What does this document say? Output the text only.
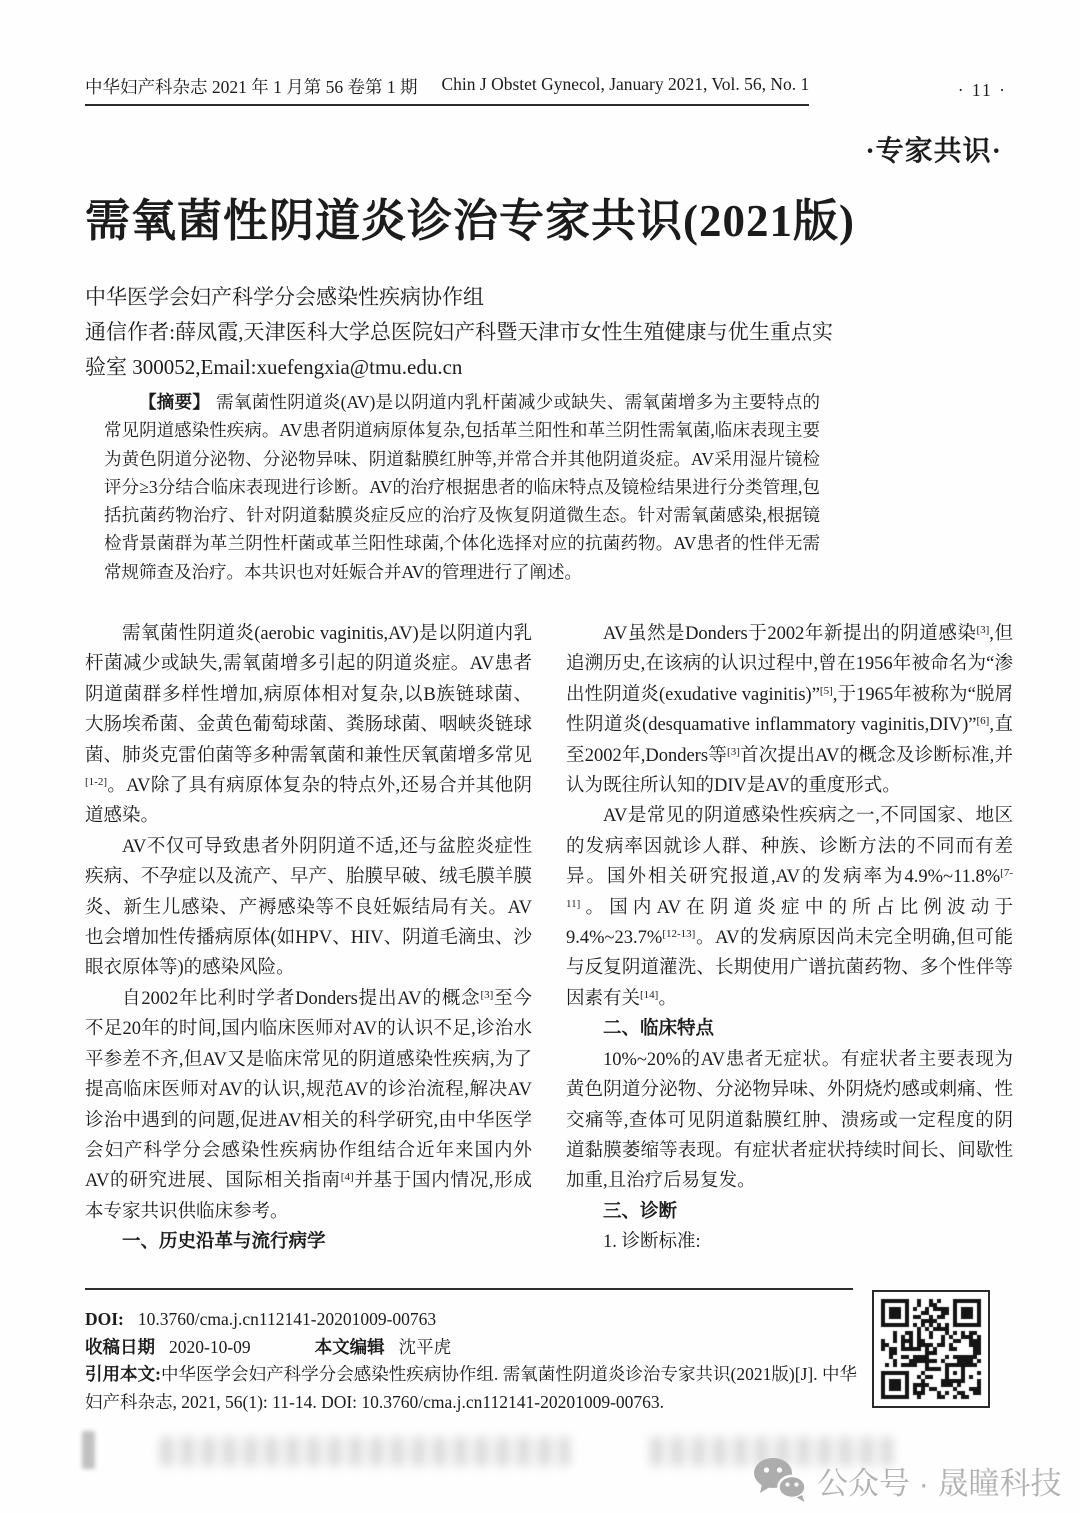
中华妇产科杂志 2021 年 1 月第 56 卷第 1 期 Chin J Obstet Gynecol, January 2021, Vol. 56, No. 1	· 11 ·
·专家共识·
需氧菌性阴道炎诊治专家共识(2021版)
中华医学会妇产科学分会感染性疾病协作组
通信作者:薛凤霞,天津医科大学总医院妇产科暨天津市女性生殖健康与优生重点实验室 300052,Email:xuefengxia@tmu.edu.cn

【摘要】 需氧菌性阴道炎(AV)是以阴道内乳杆菌减少或缺失、需氧菌增多为主要特点的常见阴道感染性疾病。AV患者阴道病原体复杂,包括革兰阳性和革兰阴性需氧菌,临床表现主要为黄色阴道分泌物、分泌物异味、阴道黏膜红肿等,并常合并其他阴道炎症。AV采用湿片镜检评分≥3分结合临床表现进行诊断。AV的治疗根据患者的临床特点及镜检结果进行分类管理,包括抗菌药物治疗、针对阴道黏膜炎症反应的治疗及恢复阴道微生态。针对需氧菌感染,根据镜检背景菌群为革兰阴性杆菌或革兰阳性球菌,个体化选择对应的抗菌药物。AV患者的性伴无需常规筛查及治疗。本共识也对妊娠合并AV的管理进行了阐述。

需氧菌性阴道炎(aerobic vaginitis,AV)是以阴道内乳杆菌减少或缺失,需氧菌增多引起的阴道炎症。AV患者阴道菌群多样性增加,病原体相对复杂,以B族链球菌、大肠埃希菌、金黄色葡萄球菌、粪肠球菌、咽峡炎链球菌、肺炎克雷伯菌等多种需氧菌和兼性厌氧菌增多常见[1-2]。AV除了具有病原体复杂的特点外,还易合并其他阴道感染。

AV不仅可导致患者外阴阴道不适,还与盆腔炎症性疾病、不孕症以及流产、早产、胎膜早破、绒毛膜羊膜炎、新生儿感染、产褥感染等不良妊娠结局有关。AV也会增加性传播病原体(如HPV、HIV、阴道毛滴虫、沙眼衣原体等)的感染风险。

自2002年比利时学者Donders提出AV的概念[3]至今不足20年的时间,国内临床医师对AV的认识不足,诊治水平参差不齐,但AV又是临床常见的阴道感染性疾病,为了提高临床医师对AV的认识,规范AV的诊治流程,解决AV诊治中遇到的问题,促进AV相关的科学研究,由中华医学会妇产科学分会感染性疾病协作组结合近年来国内外AV的研究进展、国际相关指南[4]并基于国内情况,形成本专家共识供临床参考。

一、历史沿革与流行病学

AV虽然是Donders于2002年新提出的阴道感染[3],但追溯历史,在该病的认识过程中,曾在1956年被命名为“渗出性阴道炎(exudative vaginitis)”[5],于1965年被称为“脱屑性阴道炎(desquamative inflammatory vaginitis,DIV)”[6],直至2002年,Donders等[3]首次提出AV的概念及诊断标准,并认为既往所认知的DIV是AV的重度形式。

AV是常见的阴道感染性疾病之一,不同国家、地区的发病率因就诊人群、种族、诊断方法的不同而有差异。国外相关研究报道,AV的发病率为4.9%~11.8%[7-11]。国内AV在阴道炎症中的所占比例波动于9.4%~23.7%[12-13]。AV的发病原因尚未完全明确,但可能与反复阴道灌洗、长期使用广谱抗菌药物、多个性伴等因素有关[14]。

二、临床特点

10%~20%的AV患者无症状。有症状者主要表现为黄色阴道分泌物、分泌物异味、外阴烧灼感或刺痛、性交痛等,查体可见阴道黏膜红肿、溃疡或一定程度的阴道黏膜萎缩等表现。有症状者症状持续时间长、间歇性加重,且治疗后易复发。

三、诊断

1. 诊断标准:

DOI: 10.3760/cma.j.cn112141-20201009-00763
收稿日期 2020-10-09	本文编辑 沈平虎

引用本文:中华医学会妇产科学分会感染性疾病协作组. 需氧菌性阴道炎诊治专家共识(2021版)[J]. 中华妇产科杂志, 2021, 56(1): 11-14. DOI: 10.3760/cma.j.cn112141-20201009-00763.

公众号 · 晟瞳科技
